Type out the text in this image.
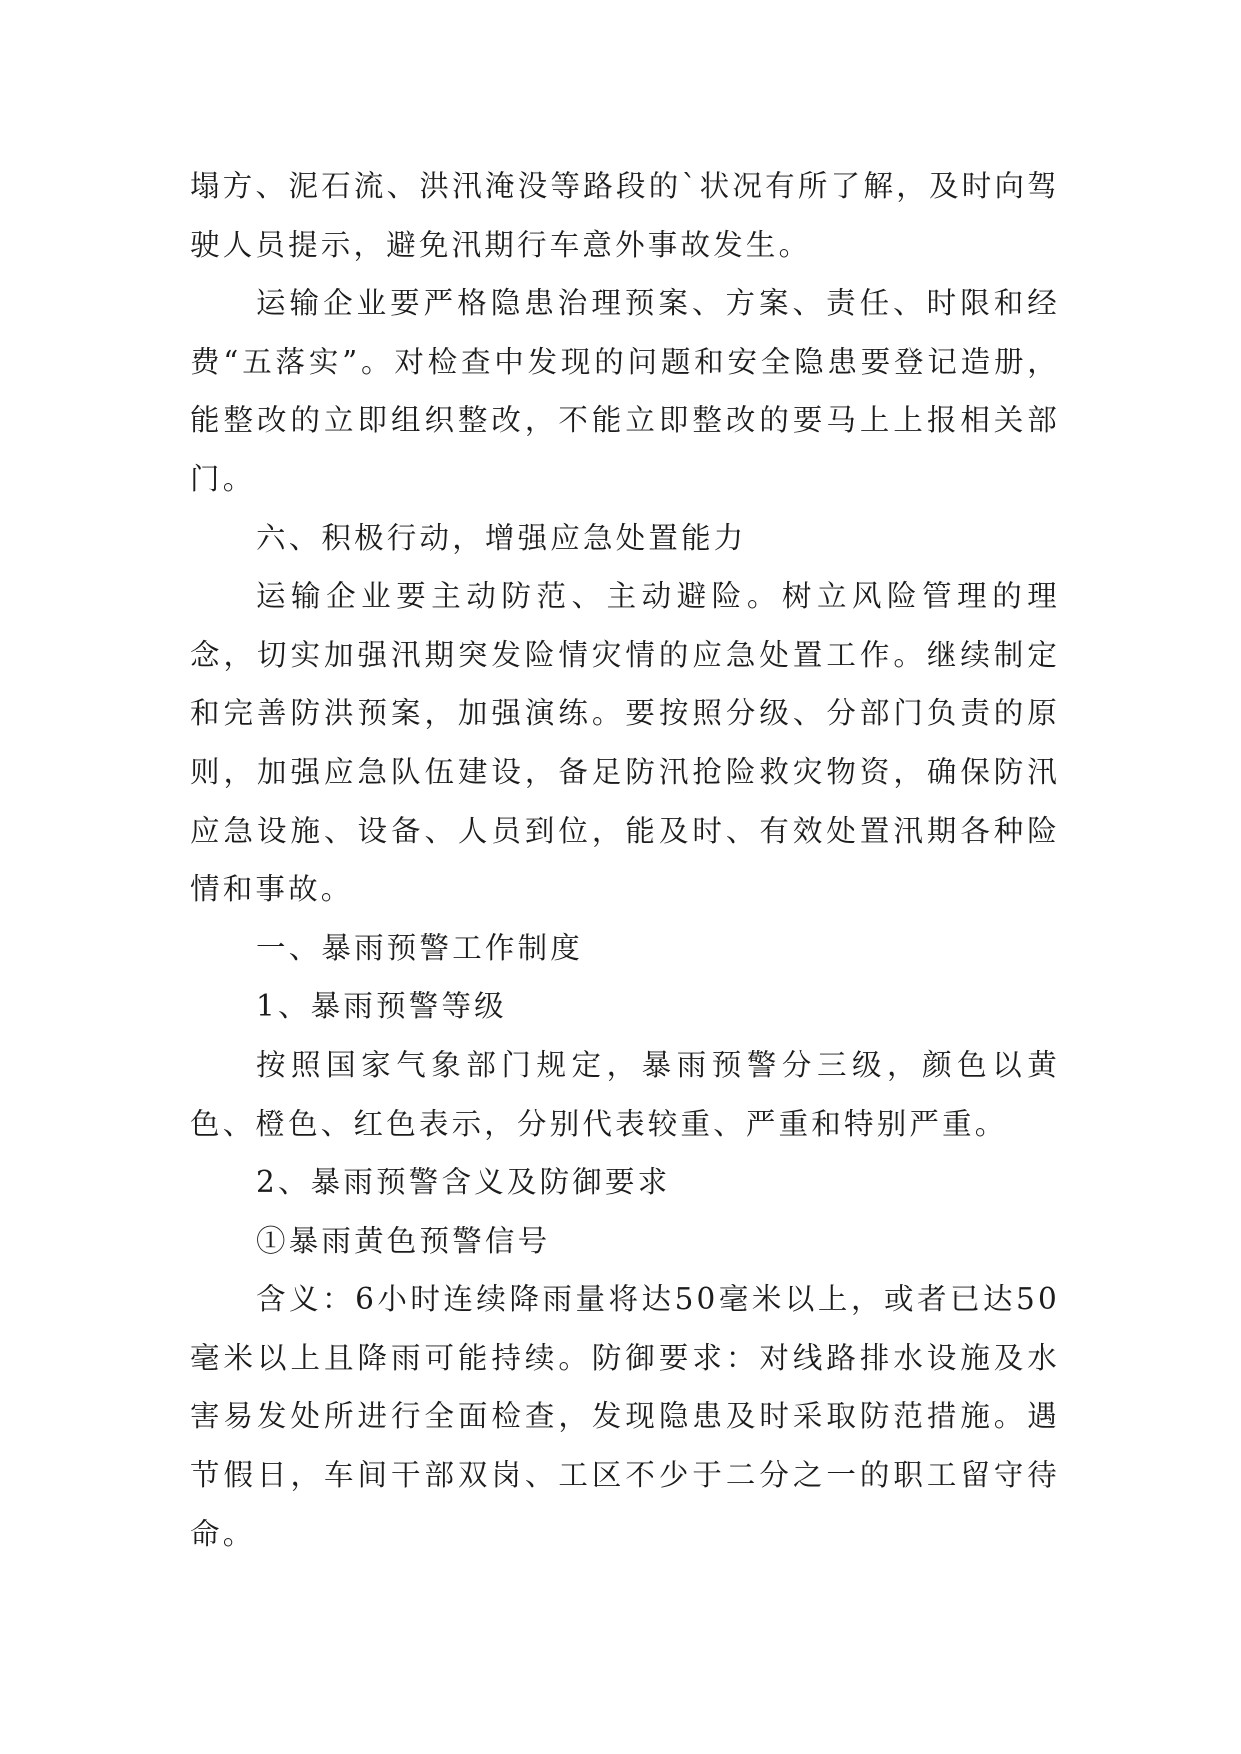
塌方、泥石流、洪汛淹没等路段的`状况有所了解，及时向驾驶人员提示，避免汛期行车意外事故发生。

运输企业要严格隐患治理预案、方案、责任、时限和经费“五落实”。对检查中发现的问题和安全隐患要登记造册，能整改的立即组织整改，不能立即整改的要马上上报相关部门。

六、积极行动，增强应急处置能力

运输企业要主动防范、主动避险。树立风险管理的理念，切实加强汛期突发险情灾情的应急处置工作。继续制定和完善防洪预案，加强演练。要按照分级、分部门负责的原则，加强应急队伍建设，备足防汛抢险救灾物资，确保防汛应急设施、设备、人员到位，能及时、有效处置汛期各种险情和事故。

一、暴雨预警工作制度

1、暴雨预警等级

按照国家气象部门规定，暴雨预警分三级，颜色以黄色、橙色、红色表示，分别代表较重、严重和特别严重。

2、暴雨预警含义及防御要求

①暴雨黄色预警信号

含义：6小时连续降雨量将达50毫米以上，或者已达50毫米以上且降雨可能持续。防御要求：对线路排水设施及水害易发处所进行全面检查，发现隐患及时采取防范措施。遇节假日，车间干部双岗、工区不少于二分之一的职工留守待命。
